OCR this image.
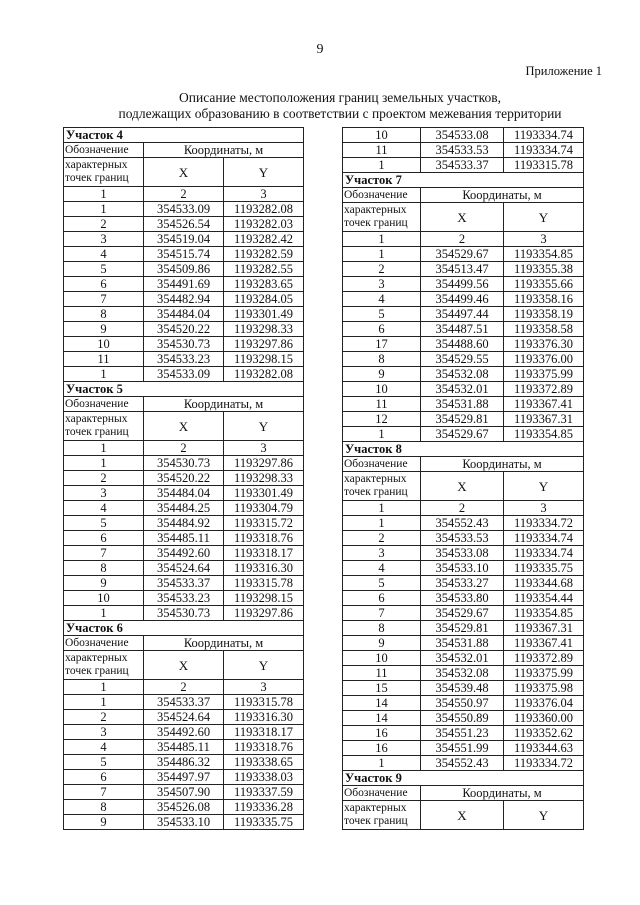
9
Приложение 1
Описание местоположения границ земельных участков,
подлежащих образованию в соответствии с проектом межевания территории
Участок 4		
Обозначение	Координаты, м	
характерных точек границ	X	Y
1	2	3
1	354533.09	1193282.08
2	354526.54	1193282.03
3	354519.04	1193282.42
4	354515.74	1193282.59
5	354509.86	1193282.55
6	354491.69	1193283.65
7	354482.94	1193284.05
8	354484.04	1193301.49
9	354520.22	1193298.33
10	354530.73	1193297.86
11	354533.23	1193298.15
1	354533.09	1193282.08
Участок 5		
Обозначение	Координаты, м	
характерных точек границ	X	Y
1	2	3
1	354530.73	1193297.86
2	354520.22	1193298.33
3	354484.04	1193301.49
4	354484.25	1193304.79
5	354484.92	1193315.72
6	354485.11	1193318.76
7	354492.60	1193318.17
8	354524.64	1193316.30
9	354533.37	1193315.78
10	354533.23	1193298.15
1	354530.73	1193297.86
Участок 6		
Обозначение	Координаты, м	
характерных точек границ	X	Y
1	2	3
1	354533.37	1193315.78
2	354524.64	1193316.30
3	354492.60	1193318.17
4	354485.11	1193318.76
5	354486.32	1193338.65
6	354497.97	1193338.03
7	354507.90	1193337.59
8	354526.08	1193336.28
9	354533.10	1193335.75
10	354533.08	1193334.74
11	354533.53	1193334.74
1	354533.37	1193315.78
Участок 7		
Обозначение	Координаты, м	
характерных точек границ	X	Y
1	2	3
1	354529.67	1193354.85
2	354513.47	1193355.38
3	354499.56	1193355.66
4	354499.46	1193358.16
5	354497.44	1193358.19
6	354487.51	1193358.58
17	354488.60	1193376.30
8	354529.55	1193376.00
9	354532.08	1193375.99
10	354532.01	1193372.89
11	354531.88	1193367.41
12	354529.81	1193367.31
1	354529.67	1193354.85
Участок 8		
Обозначение	Координаты, м	
характерных точек границ	X	Y
1	2	3
1	354552.43	1193334.72
2	354533.53	1193334.74
3	354533.08	1193334.74
4	354533.10	1193335.75
5	354533.27	1193344.68
6	354533.80	1193354.44
7	354529.67	1193354.85
8	354529.81	1193367.31
9	354531.88	1193367.41
10	354532.01	1193372.89
11	354532.08	1193375.99
15	354539.48	1193375.98
14	354550.97	1193376.04
14	354550.89	1193360.00
16	354551.23	1193352.62
16	354551.99	1193344.63
1	354552.43	1193334.72
Участок 9		
Обозначение	Координаты, м	
характерных точек границ	X	Y
